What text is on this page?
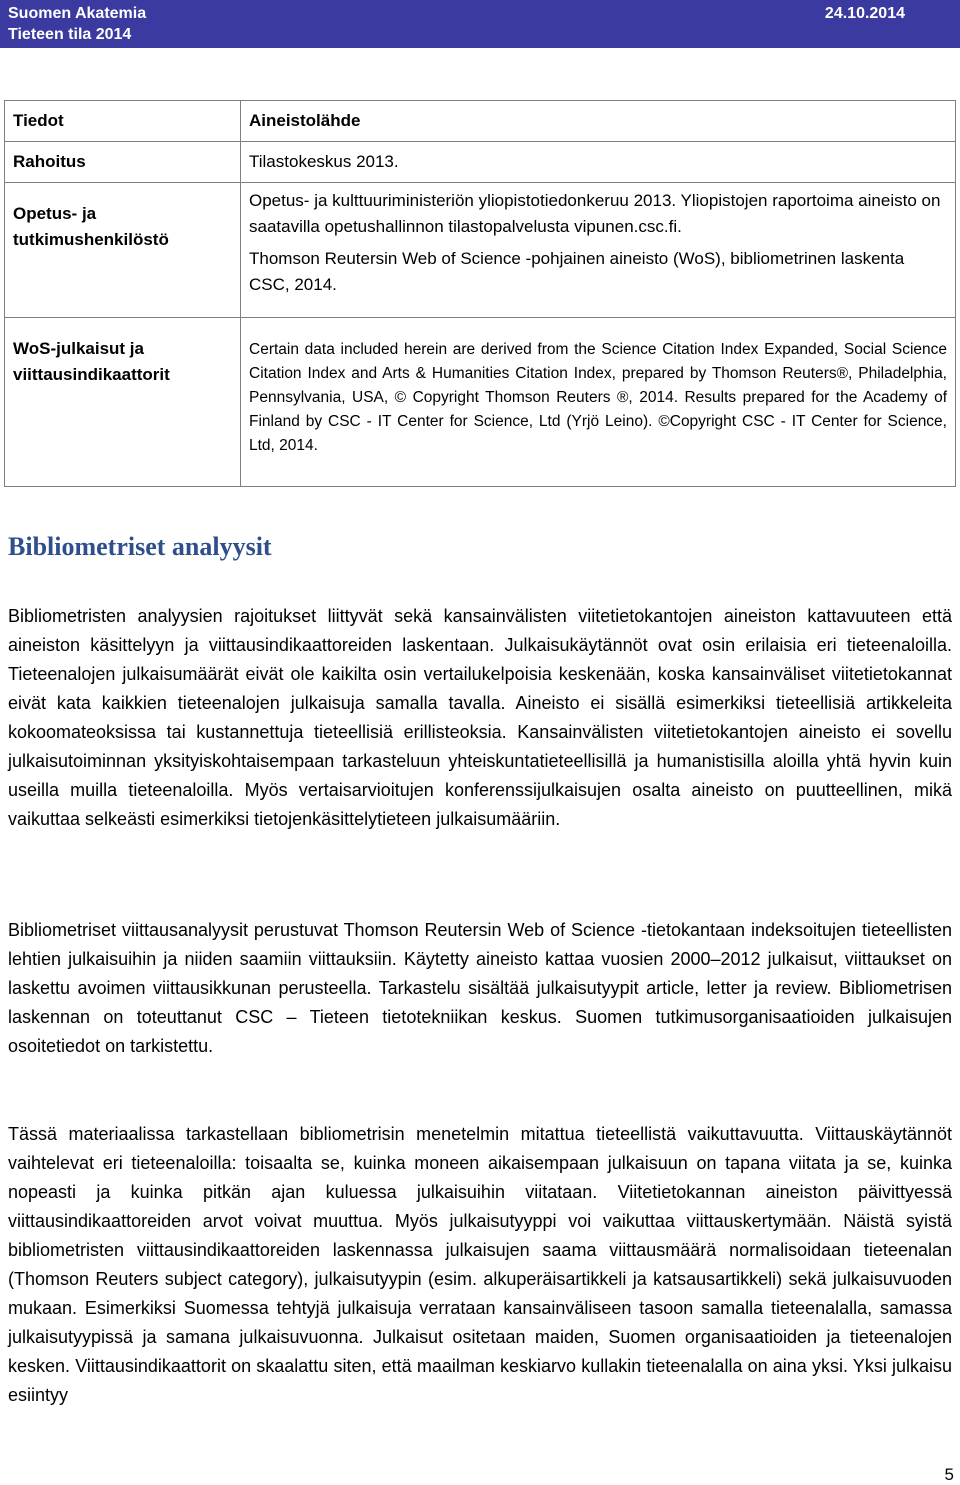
Suomen Akatemia
Tieteen tila 2014
24.10.2014
Tiedot	Aineistolähde
Rahoitus	Tilastokeskus 2013.
Opetus- ja tutkimushenkilöstö	Opetus- ja kulttuuriministeriön yliopistotiedonkeruu 2013. Yliopistojen raportoima aineisto on saatavilla opetushallinnon tilastopalvelusta vipunen.csc.fi.

Thomson Reutersin Web of Science -pohjainen aineisto (WoS), bibliometrinen laskenta CSC, 2014.

WoS-julkaisut ja viittausindikaattorit	Certain data included herein are derived from the Science Citation Index Expanded, Social Science Citation Index and Arts & Humanities Citation Index, prepared by Thomson Reuters®, Philadelphia, Pennsylvania, USA, © Copyright Thomson Reuters ®, 2014. Results prepared for the Academy of Finland by CSC - IT Center for Science, Ltd (Yrjö Leino). ©Copyright CSC - IT Center for Science, Ltd, 2014.
Bibliometriset analyysit

Bibliometristen analyysien rajoitukset liittyvät sekä kansainvälisten viitetietokantojen aineiston kattavuuteen että aineiston käsittelyyn ja viittausindikaattoreiden laskentaan. Julkaisukäytännöt ovat osin erilaisia eri tieteenaloilla. Tieteenalojen julkaisumäärät eivät ole kaikilta osin vertailukelpoisia keskenään, koska kansainväliset viitetietokannat eivät kata kaikkien tieteenalojen julkaisuja samalla tavalla. Aineisto ei sisällä esimerkiksi tieteellisiä artikkeleita kokoomateoksissa tai kustannettuja tieteellisiä erillisteoksia. Kansainvälisten viitetietokantojen aineisto ei sovellu julkaisutoiminnan yksityiskohtaisempaan tarkasteluun yhteiskuntatieteellisillä ja humanistisilla aloilla yhtä hyvin kuin useilla muilla tieteenaloilla. Myös vertaisarvioitujen konferenssijulkaisujen osalta aineisto on puutteellinen, mikä vaikuttaa selkeästi esimerkiksi tietojenkäsittelytieteen julkaisumääriin.

Bibliometriset viittausanalyysit perustuvat Thomson Reutersin Web of Science -tietokantaan indeksoitujen tieteellisten lehtien julkaisuihin ja niiden saamiin viittauksiin. Käytetty aineisto kattaa vuosien 2000–2012 julkaisut, viittaukset on laskettu avoimen viittausikkunan perusteella. Tarkastelu sisältää julkaisutyypit article, letter ja review. Bibliometrisen laskennan on toteuttanut CSC – Tieteen tietotekniikan keskus. Suomen tutkimusorganisaatioiden julkaisujen osoitetiedot on tarkistettu.

Tässä materiaalissa tarkastellaan bibliometrisin menetelmin mitattua tieteellistä vaikuttavuutta. Viittauskäytännöt vaihtelevat eri tieteenaloilla: toisaalta se, kuinka moneen aikaisempaan julkaisuun on tapana viitata ja se, kuinka nopeasti ja kuinka pitkän ajan kuluessa julkaisuihin viitataan. Viitetietokannan aineiston päivittyessä viittausindikaattoreiden arvot voivat muuttua. Myös julkaisutyyppi voi vaikuttaa viittauskertymään. Näistä syistä bibliometristen viittausindikaattoreiden laskennassa julkaisujen saama viittausmäärä normalisoidaan tieteenalan (Thomson Reuters subject category), julkaisutyypin (esim. alkuperäisartikkeli ja katsausartikkeli) sekä julkaisuvuoden mukaan. Esimerkiksi Suomessa tehtyjä julkaisuja verrataan kansainväliseen tasoon samalla tieteenalalla, samassa julkaisutyypissä ja samana julkaisuvuonna. Julkaisut ositetaan maiden, Suomen organisaatioiden ja tieteenalojen kesken. Viittausindikaattorit on skaalattu siten, että maailman keskiarvo kullakin tieteenalalla on aina yksi. Yksi julkaisu esiintyy

5
